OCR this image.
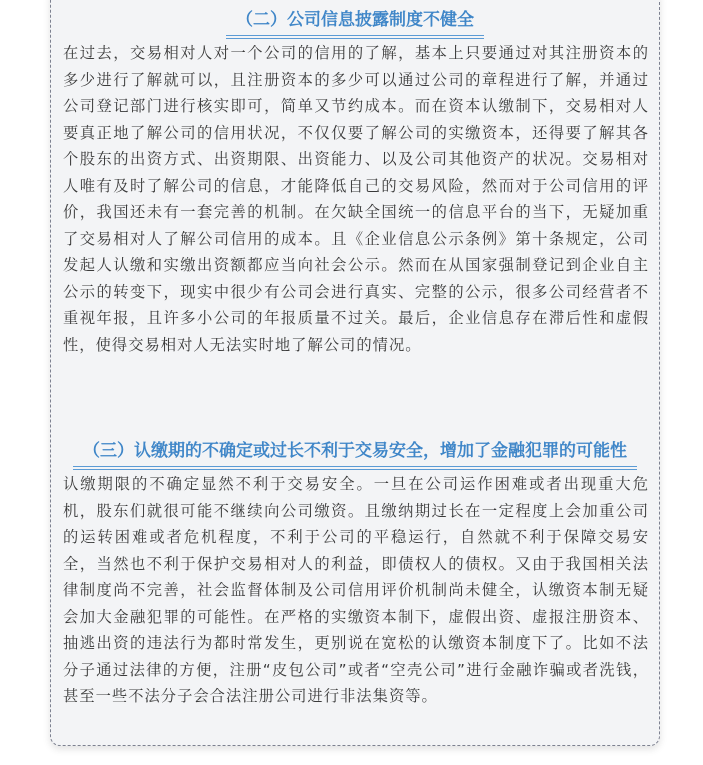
（二）公司信息披露制度不健全
在过去，交易相对人对一个公司的信用的了解，基本上只要通过对其注册资本的多少进行了解就可以，且注册资本的多少可以通过公司的章程进行了解，并通过公司登记部门进行核实即可，简单又节约成本。而在资本认缴制下，交易相对人要真正地了解公司的信用状况，不仅仅要了解公司的实缴资本，还得要了解其各个股东的出资方式、出资期限、出资能力、以及公司其他资产的状况。交易相对人唯有及时了解公司的信息，才能降低自己的交易风险，然而对于公司信用的评价，我国还未有一套完善的机制。在欠缺全国统一的信息平台的当下，无疑加重了交易相对人了解公司信用的成本。且《企业信息公示条例》第十条规定，公司发起人认缴和实缴出资额都应当向社会公示。然而在从国家强制登记到企业自主公示的转变下，现实中很少有公司会进行真实、完整的公示，很多公司经营者不重视年报，且许多小公司的年报质量不过关。最后，企业信息存在滞后性和虚假性，使得交易相对人无法实时地了解公司的情况。
（三）认缴期的不确定或过长不利于交易安全，增加了金融犯罪的可能性
认缴期限的不确定显然不利于交易安全。一旦在公司运作困难或者出现重大危机，股东们就很可能不继续向公司缴资。且缴纳期过长在一定程度上会加重公司的运转困难或者危机程度，不利于公司的平稳运行，自然就不利于保障交易安全，当然也不利于保护交易相对人的利益，即债权人的债权。又由于我国相关法律制度尚不完善，社会监督体制及公司信用评价机制尚未健全，认缴资本制无疑会加大金融犯罪的可能性。在严格的实缴资本制下，虚假出资、虚报注册资本、抽逃出资的违法行为都时常发生，更别说在宽松的认缴资本制度下了。比如不法分子通过法律的方便，注册“皮包公司”或者“空壳公司”进行金融诈骗或者洗钱，甚至一些不法分子会合法注册公司进行非法集资等。
